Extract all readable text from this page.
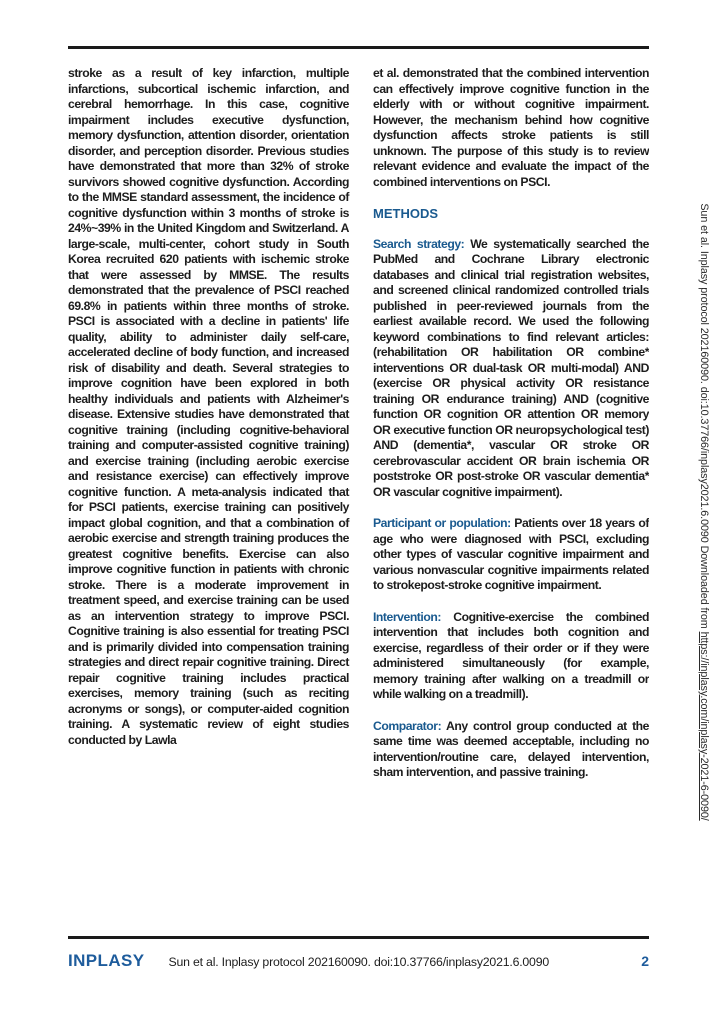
stroke as a result of key infarction, multiple infarctions, subcortical ischemic infarction, and cerebral hemorrhage. In this case, cognitive impairment includes executive dysfunction, memory dysfunction, attention disorder, orientation disorder, and perception disorder. Previous studies have demonstrated that more than 32% of stroke survivors showed cognitive dysfunction. According to the MMSE standard assessment, the incidence of cognitive dysfunction within 3 months of stroke is 24%~39% in the United Kingdom and Switzerland. A large-scale, multi-center, cohort study in South Korea recruited 620 patients with ischemic stroke that were assessed by MMSE. The results demonstrated that the prevalence of PSCI reached 69.8% in patients within three months of stroke. PSCI is associated with a decline in patients' life quality, ability to administer daily self-care, accelerated decline of body function, and increased risk of disability and death. Several strategies to improve cognition have been explored in both healthy individuals and patients with Alzheimer's disease. Extensive studies have demonstrated that cognitive training (including cognitive-behavioral training and computer-assisted cognitive training) and exercise training (including aerobic exercise and resistance exercise) can effectively improve cognitive function. A meta-analysis indicated that for PSCI patients, exercise training can positively impact global cognition, and that a combination of aerobic exercise and strength training produces the greatest cognitive benefits. Exercise can also improve cognitive function in patients with chronic stroke. There is a moderate improvement in treatment speed, and exercise training can be used as an intervention strategy to improve PSCI. Cognitive training is also essential for treating PSCI and is primarily divided into compensation training strategies and direct repair cognitive training. Direct repair cognitive training includes practical exercises, memory training (such as reciting acronyms or songs), or computer-aided cognition training. A systematic review of eight studies conducted by Lawla

et al. demonstrated that the combined intervention can effectively improve cognitive function in the elderly with or without cognitive impairment. However, the mechanism behind how cognitive dysfunction affects stroke patients is still unknown. The purpose of this study is to review relevant evidence and evaluate the impact of the combined interventions on PSCI.

METHODS

Search strategy: We systematically searched the PubMed and Cochrane Library electronic databases and clinical trial registration websites, and screened clinical randomized controlled trials published in peer-reviewed journals from the earliest available record. We used the following keyword combinations to find relevant articles: (rehabilitation OR habilitation OR combine* interventions OR dual-task OR multi-modal) AND (exercise OR physical activity OR resistance training OR endurance training) AND (cognitive function OR cognition OR attention OR memory OR executive function OR neuropsychological test) AND (dementia*, vascular OR stroke OR cerebrovascular accident OR brain ischemia OR poststroke OR post-stroke OR vascular dementia* OR vascular cognitive impairment).

Participant or population: Patients over 18 years of age who were diagnosed with PSCI, excluding other types of vascular cognitive impairment and various nonvascular cognitive impairments related to strokepost-stroke cognitive impairment.

Intervention: Cognitive-exercise the combined intervention that includes both cognition and exercise, regardless of their order or if they were administered simultaneously (for example, memory training after walking on a treadmill or while walking on a treadmill).

Comparator: Any control group conducted at the same time was deemed acceptable, including no intervention/routine care, delayed intervention, sham intervention, and passive training.

Sun et al. Inplasy protocol 202160090. doi:10.37766/inplasy2021.6.0090 Downloaded from https://inplasy.com/inplasy-2021-6-0090/
INPLASY Sun et al. Inplasy protocol 202160090. doi:10.37766/inplasy2021.6.0090	2
